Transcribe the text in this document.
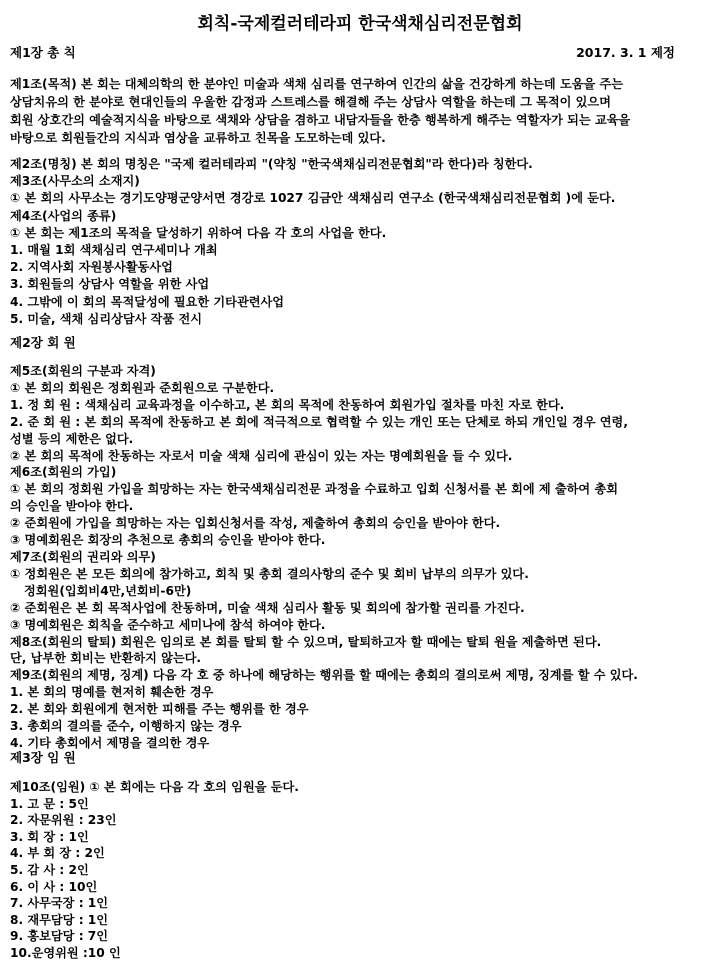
회칙-국제컬러테라피 한국색채심리전문협회
제1장 총 칙	2017. 3. 1 제정
제1조(목적) 본 회는 대체의학의 한 분야인 미술과 색채 심리를 연구하여 인간의 삶을 건강하게 하는데 도움을 주는
상담치유의 한 분야로 현대인들의 우울한 감정과 스트레스를 해결해 주는 상담사 역할을 하는데 그 목적이 있으며
회원 상호간의 예술적지식을 바탕으로 색채와 상담을 겸하고 내담자들을 한층 행복하게 해주는 역할자가 되는 교육을
바탕으로 회원들간의 지식과 염상을 교류하고 친목을 도모하는데 있다.
제2조(명칭) 본 회의 명칭은 "국제 컬러테라피 "(약칭 "한국색채심리전문협회"라 한다)라 칭한다.
제3조(사무소의 소재지)
① 본 회의 사무소는 경기도양평군양서면 경강로 1027 김금안 색채심리 연구소 (한국색채심리전문협회 )에 둔다.
제4조(사업의 종류)
① 본 회는 제1조의 목적을 달성하기 위하여 다음 각 호의 사업을 한다.
1. 매월 1회 색채심리 연구세미나 개최
2. 지역사회 자원봉사활동사업
3. 회원들의 상담사 역할을 위한 사업
4. 그밖에 이 회의 목적달성에 필요한 기타관련사업
5. 미술, 색채 심리상담사 작품 전시
제2장 회 원
제5조(회원의 구분과 자격)
① 본 회의 회원은 정회원과 준회원으로 구분한다.
1. 정 회 원 : 색채심리 교육과정을 이수하고, 본 회의 목적에 찬동하여 회원가입 절차를 마친 자로 한다.
2. 준 회 원 : 본 회의 목적에 찬동하고 본 회에 적극적으로 협력할 수 있는 개인 또는 단체로 하되 개인일 경우 연령,
성별 등의 제한은 없다.
② 본 회의 목적에 찬동하는 자로서 미술 색채 심리에 관심이 있는 자는 명예회원을 들 수 있다.
제6조(회원의 가입)
① 본 회의 정회원 가입을 희망하는 자는 한국색채심리전문 과정을 수료하고 입회 신청서를 본 회에 제 출하여 총회
의 승인을 받아야 한다.
② 준회원에 가입을 희망하는 자는 입회신청서를 작성, 제출하여 총회의 승인을 받아야 한다.
③ 명예회원은 회장의 추천으로 총회의 승인을 받아야 한다.
제7조(회원의 권리와 의무)
① 정회원은 본 모든 회의에 참가하고, 회칙 및 총회 결의사항의 준수 및 회비 납부의 의무가 있다.
정회원(입회비4만,년회비-6만)
② 준회원은 본 회 목적사업에 찬동하며, 미술 색채 심리사 활동 및 회의에 참가할 권리를 가진다.
③ 명예회원은 회칙을 준수하고 세미나에 참석 하여야 한다.
제8조(회원의 탈퇴) 회원은 임의로 본 회를 탈퇴 할 수 있으며, 탈퇴하고자 할 때에는 탈퇴 원을 제출하면 된다.
단, 납부한 회비는 반환하지 않는다.
제9조(회원의 제명, 징계) 다음 각 호 중 하나에 해당하는 행위를 할 때에는 총회의 결의로써 제명, 징계를 할 수 있다.
1. 본 회의 명예를 현저히 훼손한 경우
2. 본 회와 회원에게 현저한 피해를 주는 행위를 한 경우
3. 총회의 결의를 준수, 이행하지 않는 경우
4. 기타 총회에서 제명을 결의한 경우
제3장 임 원
제10조(임원) ① 본 회에는 다음 각 호의 임원을 둔다.
1. 고 문 : 5인
2. 자문위원 : 23인
3. 회 장 : 1인
4. 부 회 장 : 2인
5. 감 사 : 2인
6. 이 사 : 10인
7. 사무국장 : 1인
8. 재무담당 : 1인
9. 홍보담당 : 7인
10.운영위원 :10 인
